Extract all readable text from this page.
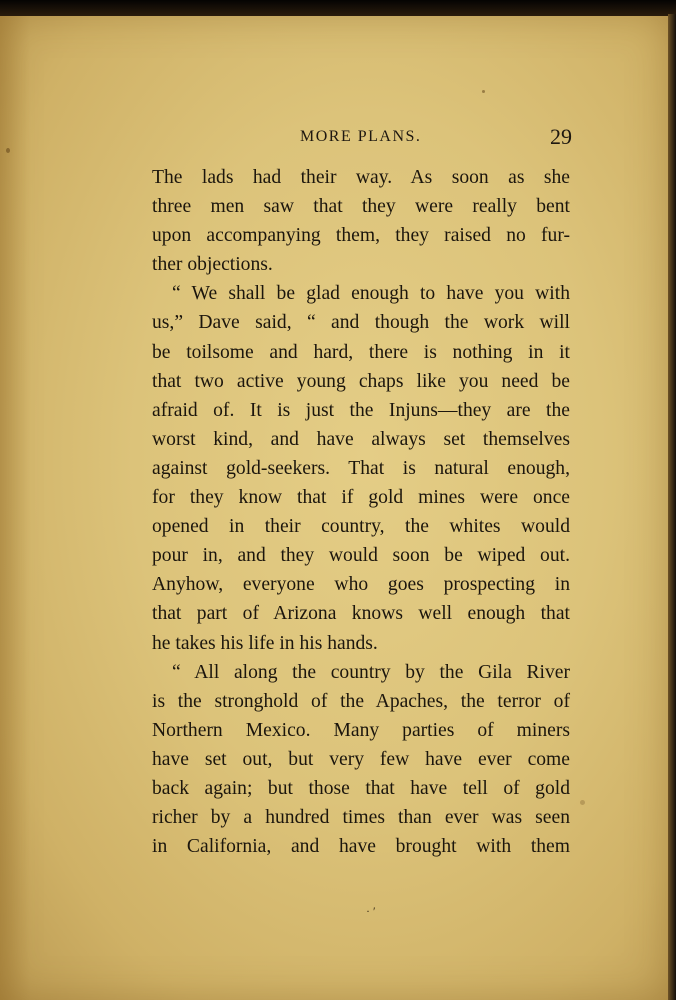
MORE PLANS.	29
The lads had their way. As soon as she
three men saw that they were really bent
upon accompanying them, they raised no fur-
ther objections.
“ We shall be glad enough to have you with
us,” Dave said, “ and though the work will
be toilsome and hard, there is nothing in it
that two active young chaps like you need be
afraid of. It is just the Injuns—they are the
worst kind, and have always set themselves
against gold-seekers. That is natural enough,
for they know that if gold mines were once
opened in their country, the whites would
pour in, and they would soon be wiped out.
Anyhow, everyone who goes prospecting in
that part of Arizona knows well enough that
he takes his life in his hands.
“ All along the country by the Gila River
is the stronghold of the Apaches, the terror of
Northern Mexico. Many parties of miners
have set out, but very few have ever come
back again; but those that have tell of gold
richer by a hundred times than ever was seen
in California, and have brought with them
· ′
